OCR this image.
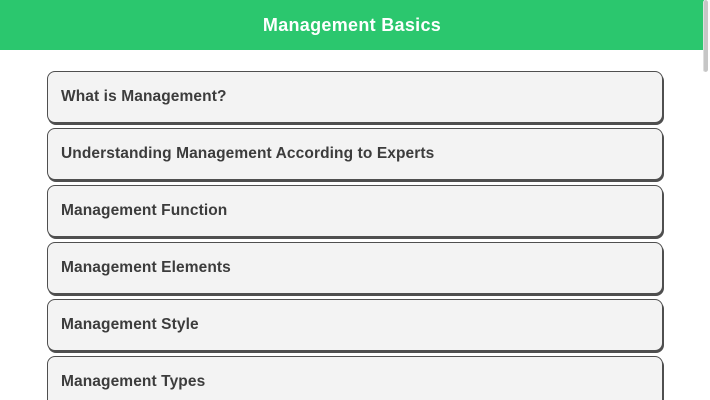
Management Basics
What is Management?
Understanding Management According to Experts
Management Function
Management Elements
Management Style
Management Types
